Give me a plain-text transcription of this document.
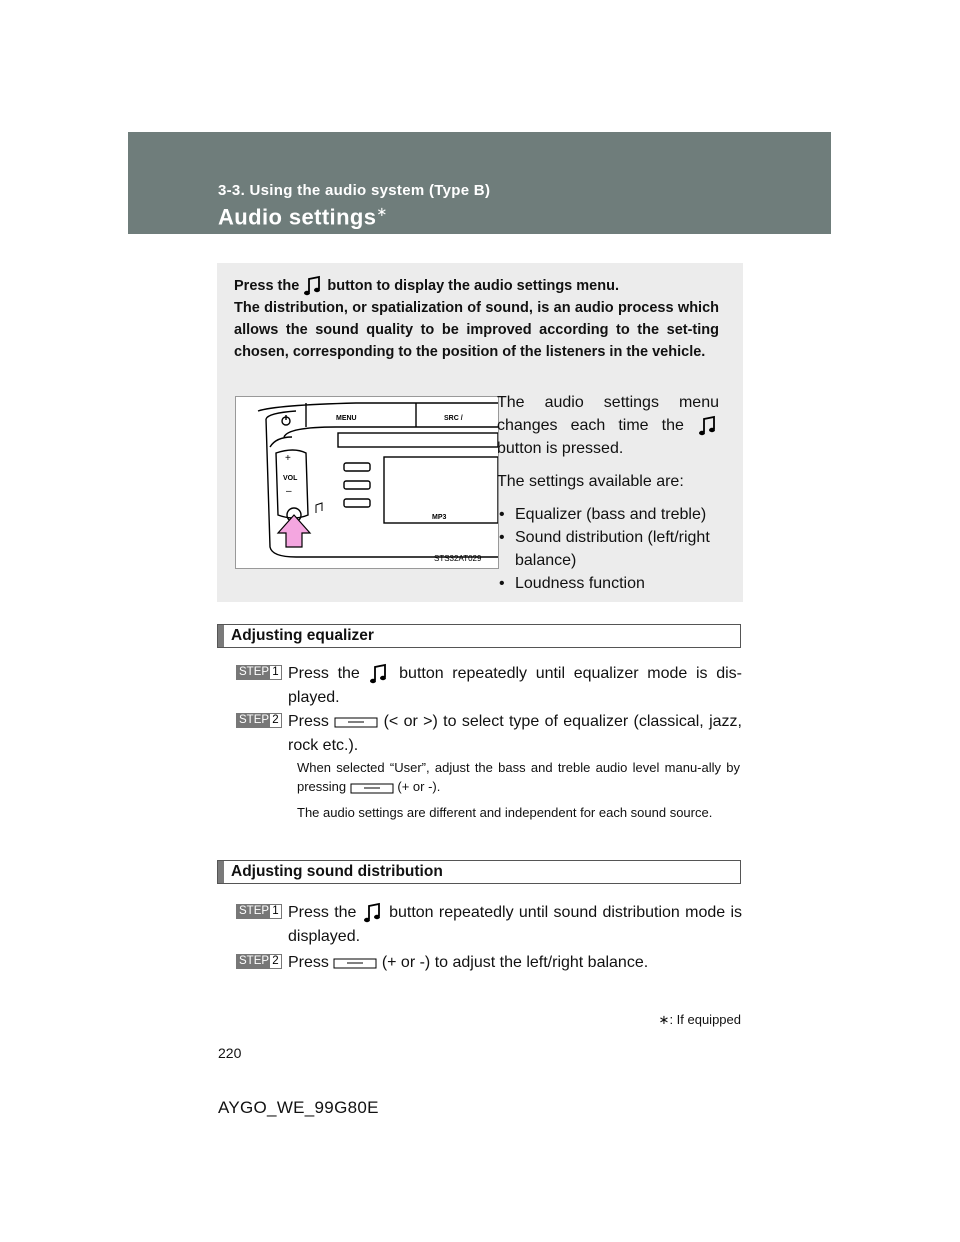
3-3. Using the audio system (Type B)
Audio settings∗
Press the button to display the audio settings menu.
The distribution, or spatialization of sound, is an audio process which allows the sound quality to be improved according to the set-ting chosen, corresponding to the position of the listeners in the vehicle.
MENU	SRC /
+
VOL
–
MP3
STS32AT029

The audio settings menu changes each time the  button is pressed.

The settings available are:

• Equalizer (bass and treble)
• Sound distribution (left/right balance)
• Loudness function
Adjusting equalizer
STEP 1 Press the button repeatedly until equalizer mode is dis-played.
STEP 2 Press	(< or >) to select type of equalizer (classical, jazz, rock etc.).
When selected “User”, adjust the bass and treble audio level manu-ally by pressing	(+ or -).
The audio settings are different and independent for each sound source.
Adjusting sound distribution
STEP 1 Press the button repeatedly until sound distribution mode is displayed.
STEP 2 Press	(+ or -) to adjust the left/right balance.
∗: If equipped
220
AYGO_WE_99G80E
